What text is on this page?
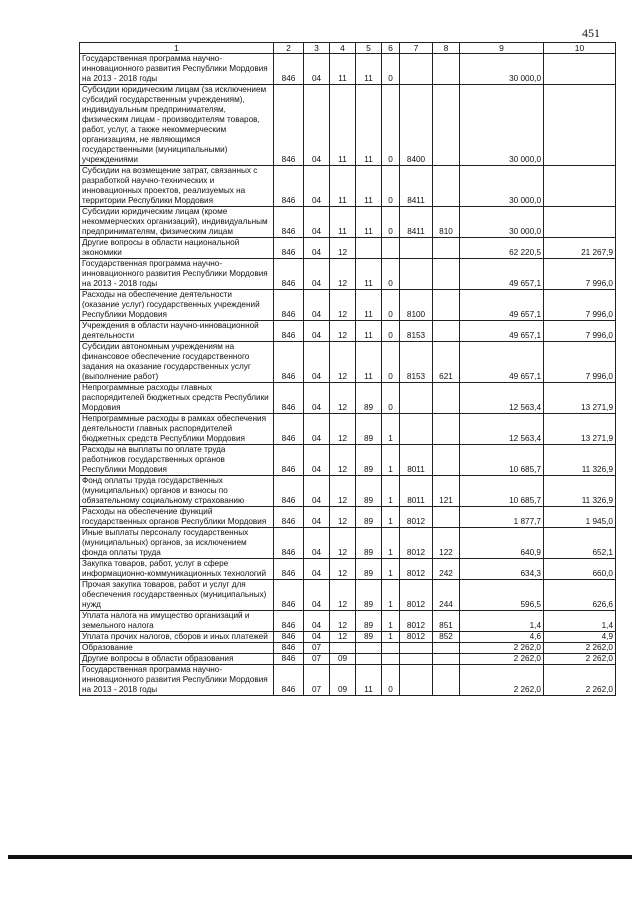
451
1	2	3	4	5	6	7	8	9	10
Государственная программа научно-инновационного развития Республики Мордовия на 2013 - 2018 годы	846	04	11	11	0			30 000,0	
Субсидии юридическим лицам (за исключением субсидий государственным учреждениям), индивидуальным предпринимателям, физическим лицам - производителям товаров, работ, услуг, а также некоммерческим организациям, не являющимся государственными (муниципальными) учреждениями	846	04	11	11	0	8400		30 000,0	
Субсидии на возмещение затрат, связанных с разработкой научно-технических и инновационных проектов, реализуемых на территории Республики Мордовия	846	04	11	11	0	8411		30 000,0	
Субсидии юридическим лицам (кроме некоммерческих организаций), индивидуальным предпринимателям, физическим лицам	846	04	11	11	0	8411	810	30 000,0	
Другие вопросы в области национальной экономики	846	04	12					62 220,5	21 267,9
Государственная программа научно-инновационного развития Республики Мордовия на 2013 - 2018 годы	846	04	12	11	0			49 657,1	7 996,0
Расходы на обеспечение деятельности (оказание услуг) государственных учреждений Республики Мордовия	846	04	12	11	0	8100		49 657,1	7 996,0
Учреждения в области научно-инновационной деятельности	846	04	12	11	0	8153		49 657,1	7 996,0
Субсидии автономным учреждениям на финансовое обеспечение государственного задания на оказание государственных услуг (выполнение работ)	846	04	12	11	0	8153	621	49 657,1	7 996,0
Непрограммные расходы главных распорядителей бюджетных средств Республики Мордовия	846	04	12	89	0			12 563,4	13 271,9
Непрограммные расходы в рамках обеспечения деятельности главных распорядителей бюджетных средств Республики Мордовия	846	04	12	89	1			12 563,4	13 271,9
Расходы на выплаты по оплате труда работников государственных органов Республики Мордовия	846	04	12	89	1	8011		10 685,7	11 326,9
Фонд оплаты труда государственных (муниципальных) органов и взносы по обязательному социальному страхованию	846	04	12	89	1	8011	121	10 685,7	11 326,9
Расходы на обеспечение функций государственных органов Республики Мордовия	846	04	12	89	1	8012		1 877,7	1 945,0
Иные выплаты персоналу государственных (муниципальных) органов, за исключением фонда оплаты труда	846	04	12	89	1	8012	122	640,9	652,1
Закупка товаров, работ, услуг в сфере информационно-коммуникационных технологий	846	04	12	89	1	8012	242	634,3	660,0
Прочая закупка товаров, работ и услуг для обеспечения государственных (муниципальных) нужд	846	04	12	89	1	8012	244	596,5	626,6
Уплата налога на имущество организаций и земельного налога	846	04	12	89	1	8012	851	1,4	1,4
Уплата прочих налогов, сборов и иных платежей	846	04	12	89	1	8012	852	4,6	4,9
Образование	846	07						2 262,0	2 262,0
Другие вопросы в области образования	846	07	09					2 262,0	2 262,0
Государственная программа научно-инновационного развития Республики Мордовия на 2013 - 2018 годы	846	07	09	11	0			2 262,0	2 262,0
